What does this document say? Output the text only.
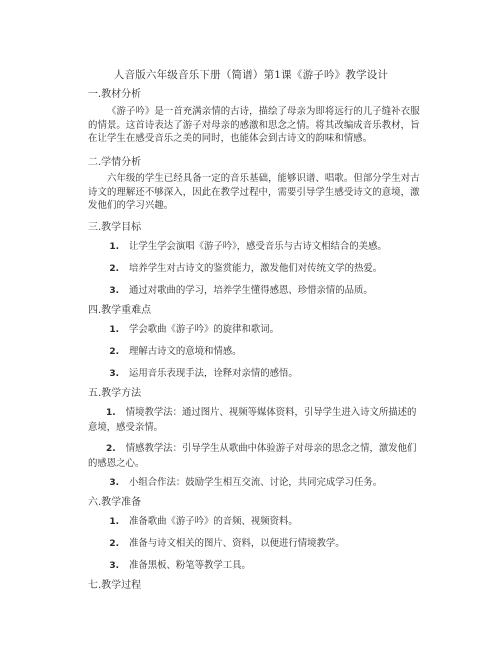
人音版六年级音乐下册（简谱）第1课《游子吟》教学设计
一.教材分析
《游子吟》是一首充满亲情的古诗，描绘了母亲为即将远行的儿子缝补衣服的情景。这首诗表达了游子对母亲的感激和思念之情。将其改编成音乐教材，旨在让学生在感受音乐之美的同时，也能体会到古诗文的韵味和情感。
二.学情分析
六年级的学生已经具备一定的音乐基础，能够识谱、唱歌。但部分学生对古诗文的理解还不够深入，因此在教学过程中，需要引导学生感受诗文的意境，激发他们的学习兴趣。
三.教学目标
1. 让学生学会演唱《游子吟》，感受音乐与古诗文相结合的美感。
2. 培养学生对古诗文的鉴赏能力，激发他们对传统文学的热爱。
3. 通过对歌曲的学习，培养学生懂得感恩、珍惜亲情的品质。
四.教学重难点
1. 学会歌曲《游子吟》的旋律和歌词。
2. 理解古诗文的意境和情感。
3. 运用音乐表现手法，诠释对亲情的感悟。
五.教学方法
1. 情境教学法：通过图片、视频等媒体资料，引导学生进入诗文所描述的意境，感受亲情。
2. 情感教学法：引导学生从歌曲中体验游子对母亲的思念之情，激发他们的感恩之心。
3. 小组合作法：鼓励学生相互交流、讨论，共同完成学习任务。
六.教学准备
1. 准备歌曲《游子吟》的音频、视频资料。
2. 准备与诗文相关的图片、资料，以便进行情境教学。
3. 准备黑板、粉笔等教学工具。
七.教学过程
